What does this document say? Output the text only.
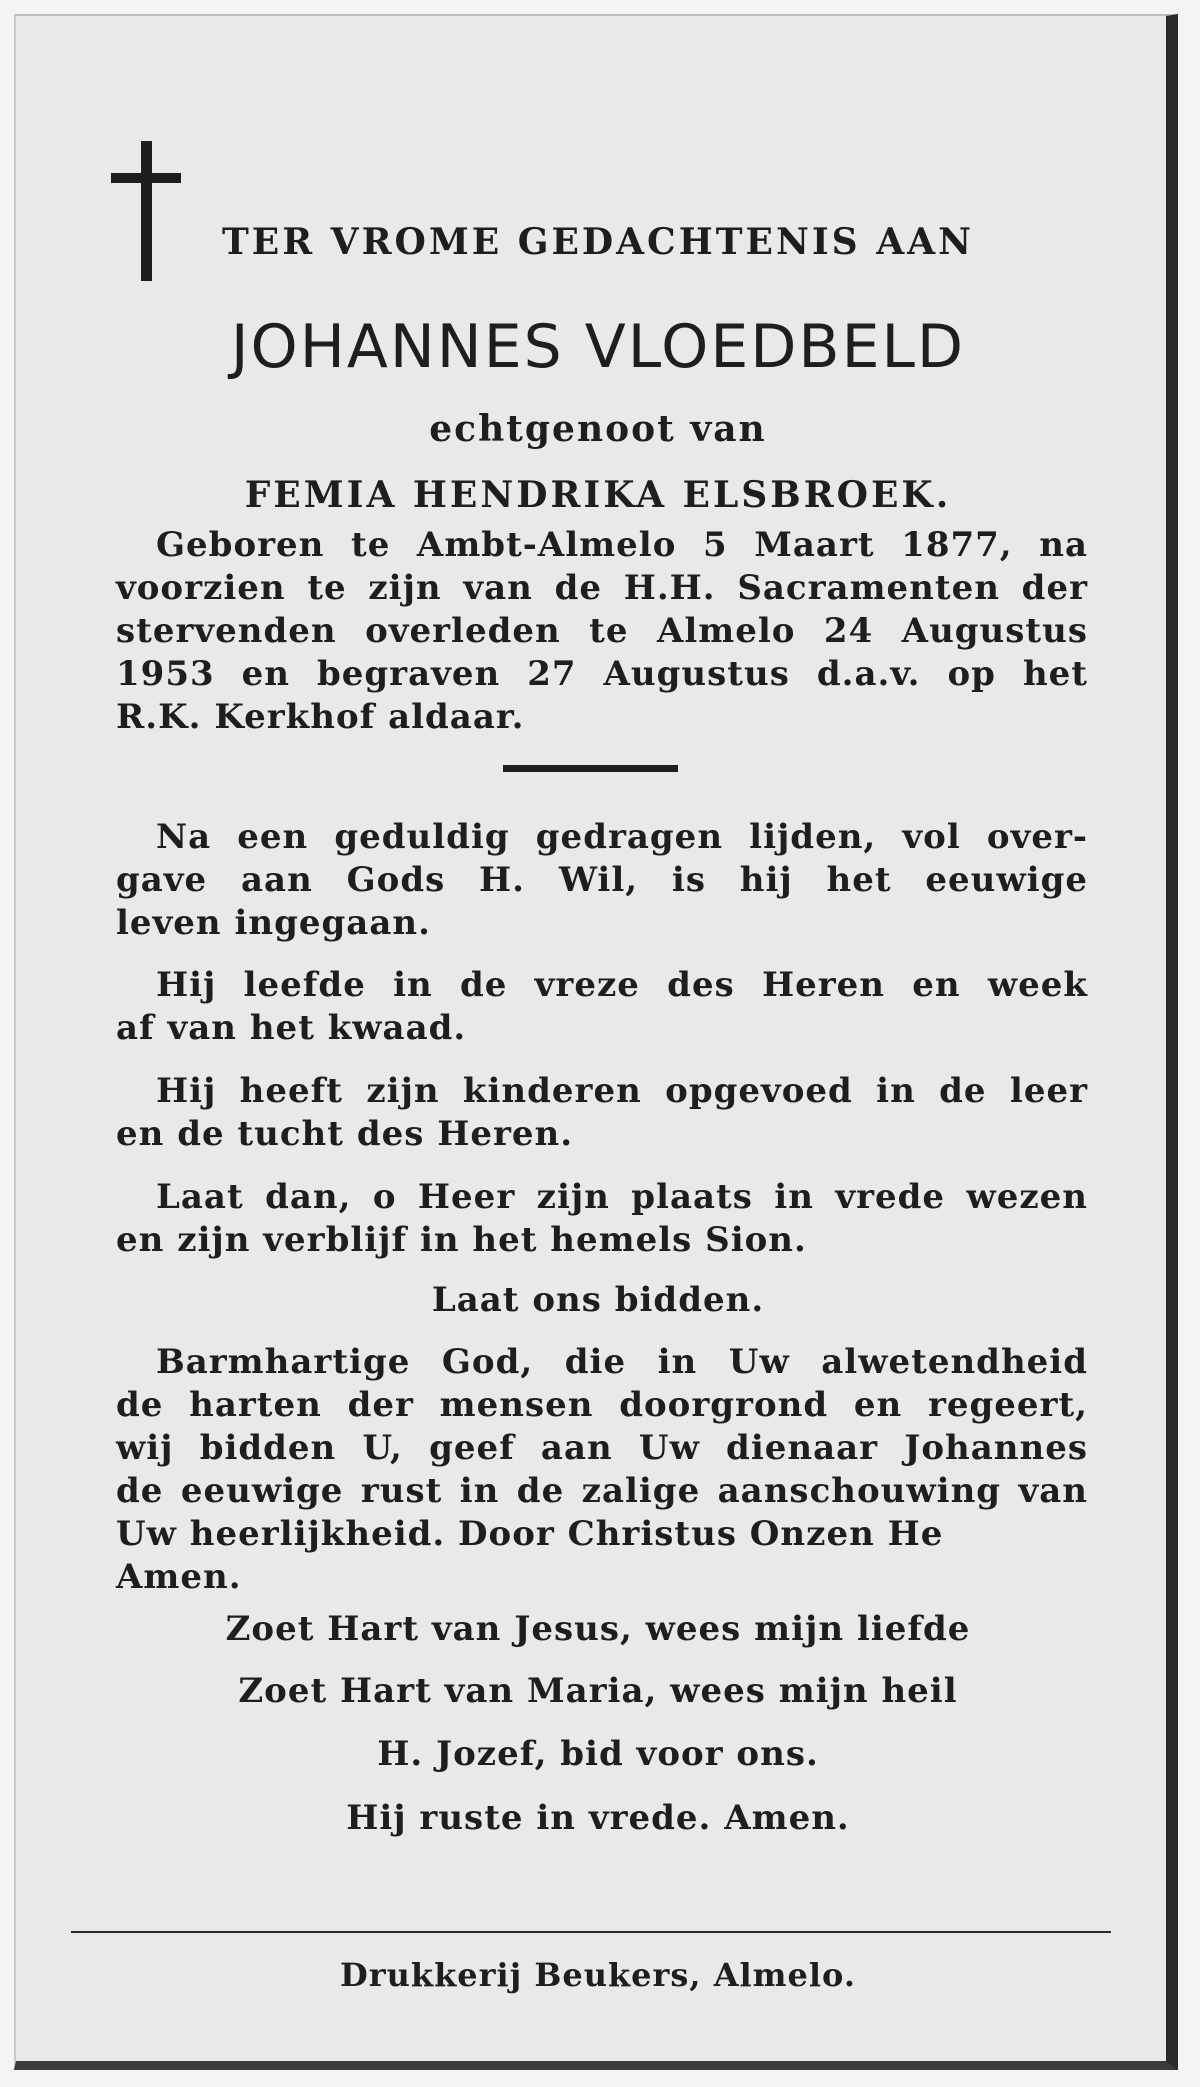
TER VROME GEDACHTENIS AAN
JOHANNES VLOEDBELD
echtgenoot van
FEMIA HENDRIKA ELSBROEK.
Geboren te Ambt-Almelo 5 Maart 1877, na
voorzien te zijn van de H.H. Sacramenten der
stervenden overleden te Almelo 24 Augustus
1953 en begraven 27 Augustus d.a.v. op het
R.K. Kerkhof aldaar.
Na een geduldig gedragen lijden, vol over-
gave aan Gods H. Wil, is hij het eeuwige
leven ingegaan.
Hij leefde in de vreze des Heren en week
af van het kwaad.
Hij heeft zijn kinderen opgevoed in de leer
en de tucht des Heren.
Laat dan, o Heer zijn plaats in vrede wezen
en zijn verblijf in het hemels Sion.
Laat ons bidden.
Barmhartige God, die in Uw alwetendheid
de harten der mensen doorgrond en regeert,
wij bidden U, geef aan Uw dienaar Johannes
de eeuwige rust in de zalige aanschouwing van
Uw heerlijkheid. Door Christus Onzen He
Amen.
Zoet Hart van Jesus, wees mijn liefde
Zoet Hart van Maria, wees mijn heil
H. Jozef, bid voor ons.
Hij ruste in vrede. Amen.
Drukkerij Beukers, Almelo.
